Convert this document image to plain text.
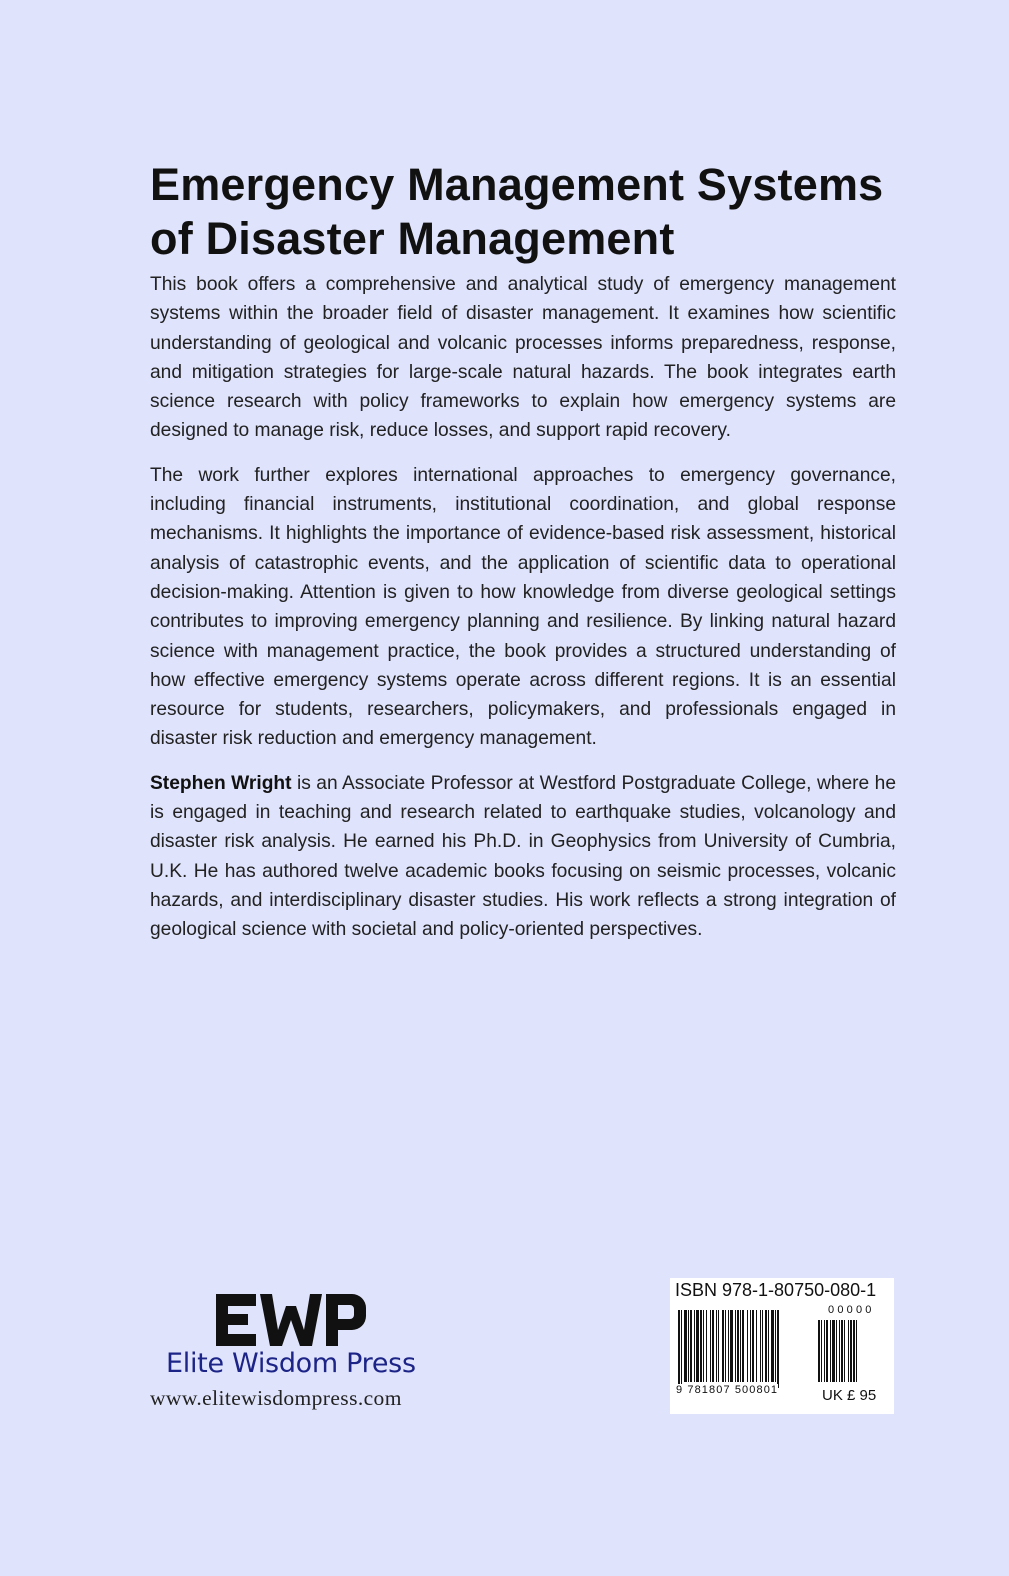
Emergency Management Systems
of Disaster Management

This book offers a comprehensive and analytical study of emergency management systems within the broader field of disaster management. It examines how scientific understanding of geological and volcanic processes informs preparedness, response, and mitigation strategies for large-scale natural hazards. The book integrates earth science research with policy frameworks to explain how emergency systems are designed to manage risk, reduce losses, and support rapid recovery.

The work further explores international approaches to emergency governance, including financial instruments, institutional coordination, and global response mechanisms. It highlights the importance of evidence-based risk assessment, historical analysis of catastrophic events, and the application of scientific data to operational decision-making. Attention is given to how knowledge from diverse geological settings contributes to improving emergency planning and resilience. By linking natural hazard science with management practice, the book provides a structured understanding of how effective emergency systems operate across different regions. It is an essential resource for students, researchers, policymakers, and professionals engaged in disaster risk reduction and emergency management.

Stephen Wright is an Associate Professor at Westford Postgraduate College, where he is engaged in teaching and research related to earthquake studies, volcanology and disaster risk analysis. He earned his Ph.D. in Geophysics from University of Cumbria, U.K. He has authored twelve academic books focusing on seismic processes, volcanic hazards, and interdisciplinary disaster studies. His work reflects a strong integration of geological science with societal and policy-oriented perspectives.

Elite Wisdom Press
www.elitewisdompress.com
ISBN 978-1-80750-080-1
00000
9 781807 500801	UK £ 95
